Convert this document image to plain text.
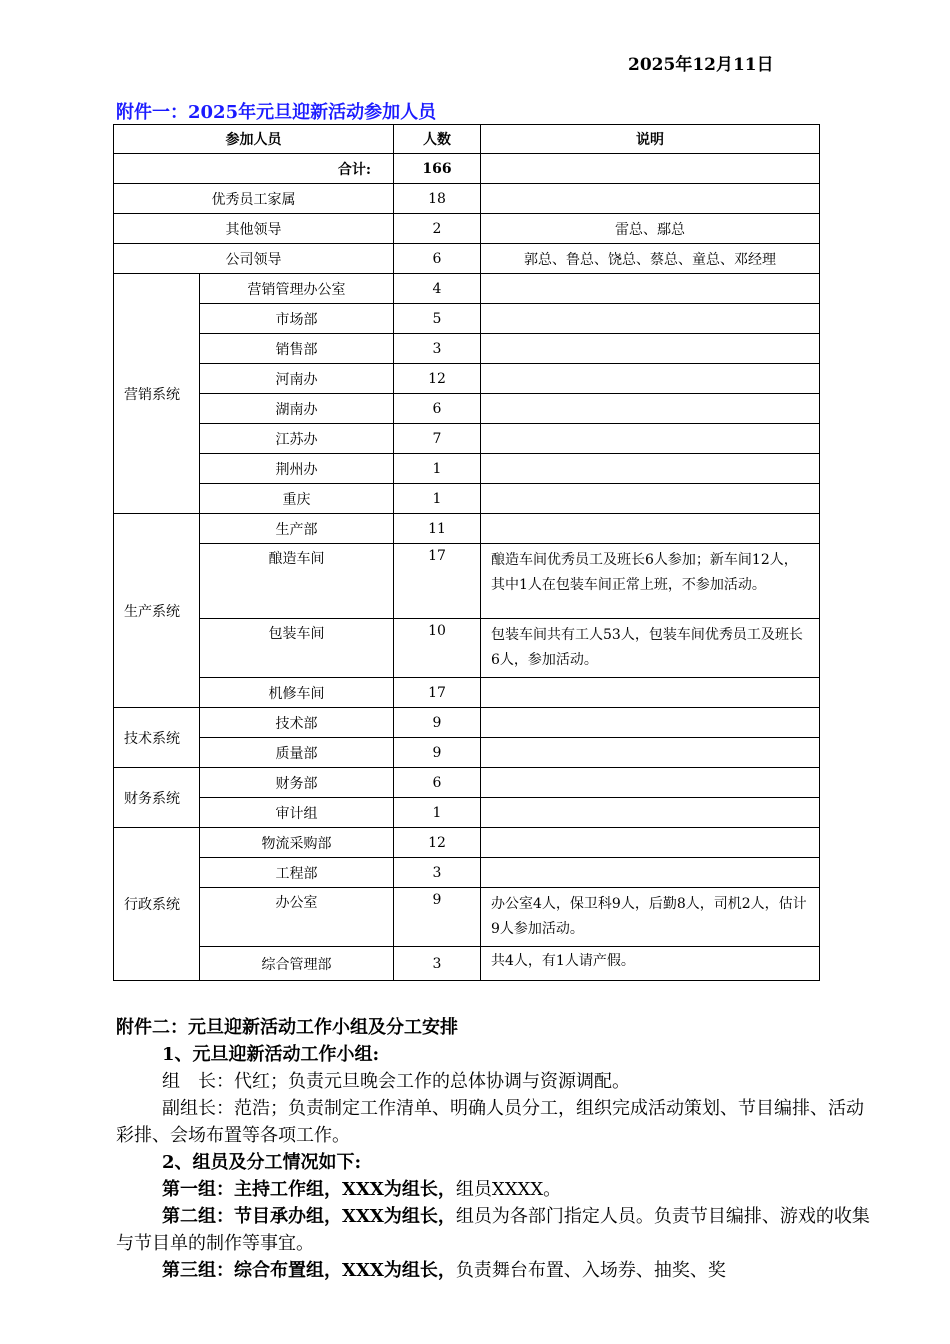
2025年12月11日
附件一：2025年元旦迎新活动参加人员
参加人员		人数	说明
合计:		166	
优秀员工家属		18	
其他领导		2	雷总、鄢总
公司领导		6	郭总、鲁总、饶总、蔡总、童总、邓经理
营销系统	营销管理办公室	4	
	市场部	5	
	销售部	3	
	河南办	12	
	湖南办	6	
	江苏办	7	
	荆州办	1	
	重庆	1	
生产系统	生产部	11	
	酿造车间	17	酿造车间优秀员工及班长6人参加；新车间12人，其中1人在包装车间正常上班，不参加活动。
	包装车间	10	包装车间共有工人53人，包装车间优秀员工及班长6人，参加活动。
	机修车间	17	
技术系统	技术部	9	
	质量部	9	
财务系统	财务部	6	
	审计组	1	
行政系统	物流采购部	12	
	工程部	3	
	办公室	9	办公室4人，保卫科9人，后勤8人，司机2人，估计9人参加活动。
	综合管理部	3	共4人，有1人请产假。

附件二：元旦迎新活动工作小组及分工安排

1、元旦迎新活动工作小组:

组　长：代红；负责元旦晚会工作的总体协调与资源调配。

副组长：范浩；负责制定工作清单、明确人员分工，组织完成活动策划、节目编排、活动彩排、会场布置等各项工作。

2、组员及分工情况如下:

第一组：主持工作组，XXX为组长，组员XXXX。

第二组：节目承办组，XXX为组长，组员为各部门指定人员。负责节目编排、游戏的收集与节目单的制作等事宜。

第三组：综合布置组，XXX为组长，负责舞台布置、入场券、抽奖、奖
